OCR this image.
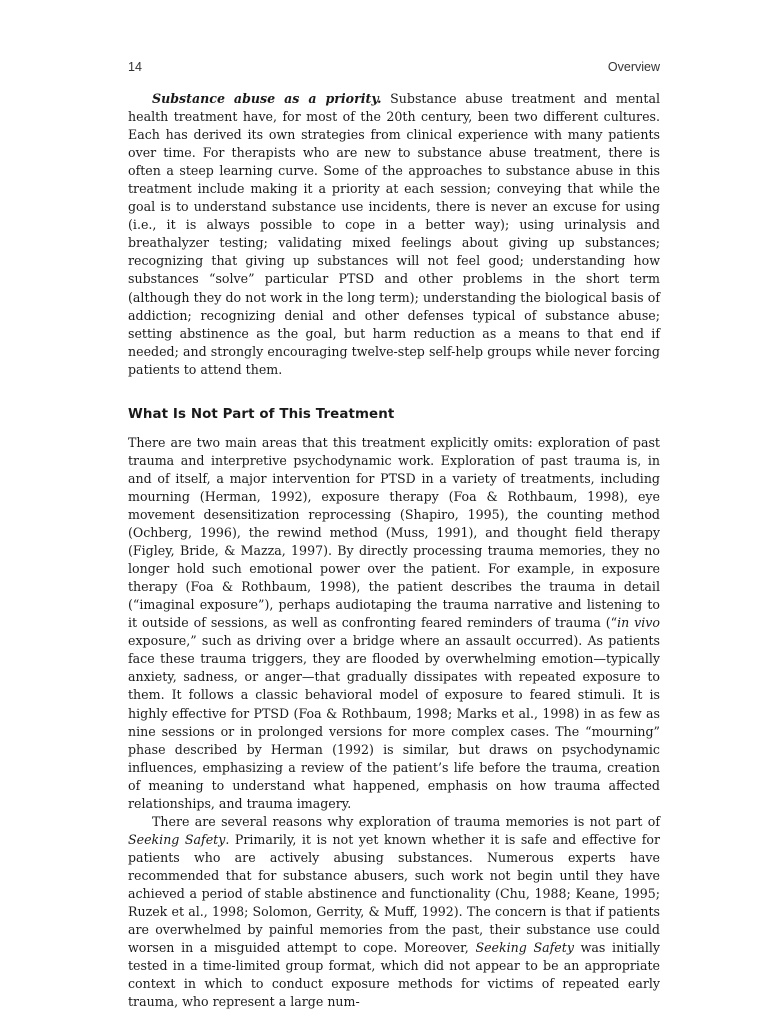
14	Overview

Substance abuse as a priority. Substance abuse treatment and mental health treatment have, for most of the 20th century, been two different cultures. Each has derived its own strategies from clinical experience with many patients over time. For therapists who are new to substance abuse treatment, there is often a steep learning curve. Some of the approaches to substance abuse in this treatment include making it a priority at each session; conveying that while the goal is to understand substance use incidents, there is never an excuse for using (i.e., it is always possible to cope in a better way); using urinalysis and breathalyzer testing; validating mixed feelings about giving up substances; recognizing that giving up substances will not feel good; understanding how substances “solve” particular PTSD and other problems in the short term (although they do not work in the long term); understanding the biological basis of addiction; recognizing denial and other defenses typical of substance abuse; setting abstinence as the goal, but harm reduction as a means to that end if needed; and strongly encouraging twelve-step self-help groups while never forcing patients to attend them.

What Is Not Part of This Treatment

There are two main areas that this treatment explicitly omits: exploration of past trauma and interpretive psychodynamic work. Exploration of past trauma is, in and of itself, a major intervention for PTSD in a variety of treatments, including mourning (Herman, 1992), exposure therapy (Foa & Rothbaum, 1998), eye movement desensitization reprocessing (Shapiro, 1995), the counting method (Ochberg, 1996), the rewind method (Muss, 1991), and thought field therapy (Figley, Bride, & Mazza, 1997). By directly processing trauma memories, they no longer hold such emotional power over the patient. For example, in exposure therapy (Foa & Rothbaum, 1998), the patient describes the trauma in detail (“imaginal exposure”), perhaps audiotaping the trauma narrative and listening to it outside of sessions, as well as confronting feared reminders of trauma (“in vivo exposure,” such as driving over a bridge where an assault occurred). As patients face these trauma triggers, they are flooded by overwhelming emotion—typically anxiety, sadness, or anger—that gradually dissipates with repeated exposure to them. It follows a classic behavioral model of exposure to feared stimuli. It is highly effective for PTSD (Foa & Rothbaum, 1998; Marks et al., 1998) in as few as nine sessions or in prolonged versions for more complex cases. The “mourning” phase described by Herman (1992) is similar, but draws on psychodynamic influences, emphasizing a review of the patient’s life before the trauma, creation of meaning to understand what happened, emphasis on how trauma affected relationships, and trauma imagery.

There are several reasons why exploration of trauma memories is not part of Seeking Safety. Primarily, it is not yet known whether it is safe and effective for patients who are actively abusing substances. Numerous experts have recommended that for substance abusers, such work not begin until they have achieved a period of stable abstinence and functionality (Chu, 1988; Keane, 1995; Ruzek et al., 1998; Solomon, Gerrity, & Muff, 1992). The concern is that if patients are overwhelmed by painful memories from the past, their substance use could worsen in a misguided attempt to cope. Moreover, Seeking Safety was initially tested in a time-limited group format, which did not appear to be an appropriate context in which to conduct exposure methods for victims of repeated early trauma, who represent a large num-
